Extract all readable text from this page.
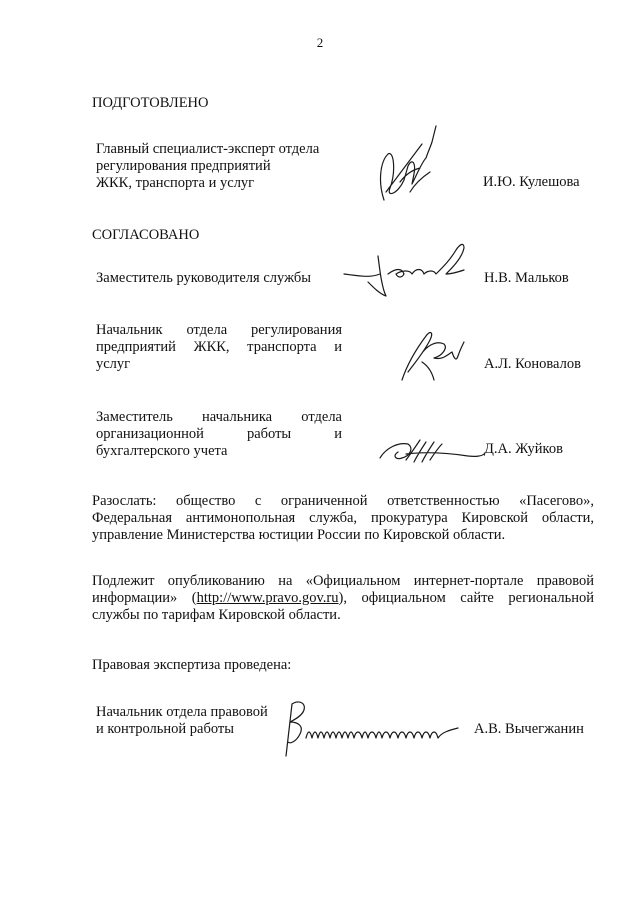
2
ПОДГОТОВЛЕНО
Главный специалист-эксперт отдела
регулирования предприятий
ЖКК, транспорта и услуг	И.Ю. Кулешова
СОГЛАСОВАНО
Заместитель руководителя службы	Н.В. Мальков
Начальник отдела регулирования
предприятий ЖКК, транспорта и
услуг	А.Л. Коновалов
Заместитель начальника отдела
организационной работы и
бухгалтерского учета	Д.А. Жуйков
Разослать: общество с ограниченной ответственностью «Пасегово»,
Федеральная антимонопольная служба, прокуратура Кировской области,
управление Министерства юстиции России по Кировской области.
Подлежит опубликованию на «Официальном интернет-портале правовой
информации» (http://www.pravo.gov.ru), официальном сайте региональной
службы по тарифам Кировской области.
Правовая экспертиза проведена:
Начальник отдела правовой
и контрольной работы	А.В. Вычегжанин
